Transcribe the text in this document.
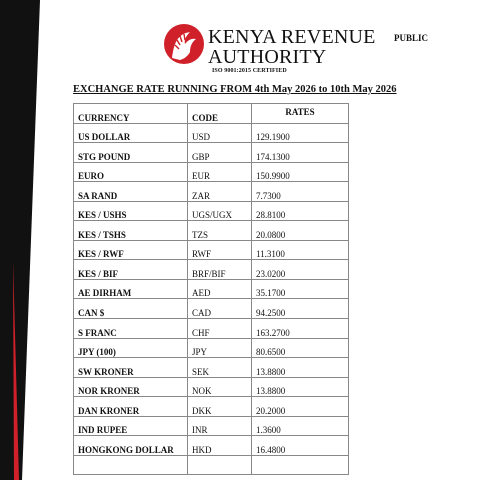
KENYA REVENUE
AUTHORITY
ISO 9001:2015 CERTIFIED
PUBLIC
EXCHANGE RATE RUNNING FROM 4th May 2026 to 10th May 2026
CURRENCY	CODE	RATES
US DOLLAR	USD	129.1900
STG POUND	GBP	174.1300
EURO	EUR	150.9900
SA RAND	ZAR	7.7300
KES / USHS	UGS/UGX	28.8100
KES / TSHS	TZS	20.0800
KES / RWF	RWF	11.3100
KES / BIF	BRF/BIF	23.0200
AE DIRHAM	AED	35.1700
CAN $	CAD	94.2500
S FRANC	CHF	163.2700
JPY (100)	JPY	80.6500
SW KRONER	SEK	13.8800
NOR KRONER	NOK	13.8800
DAN KRONER	DKK	20.2000
IND RUPEE	INR	1.3600
HONGKONG DOLLAR	HKD	16.4800
